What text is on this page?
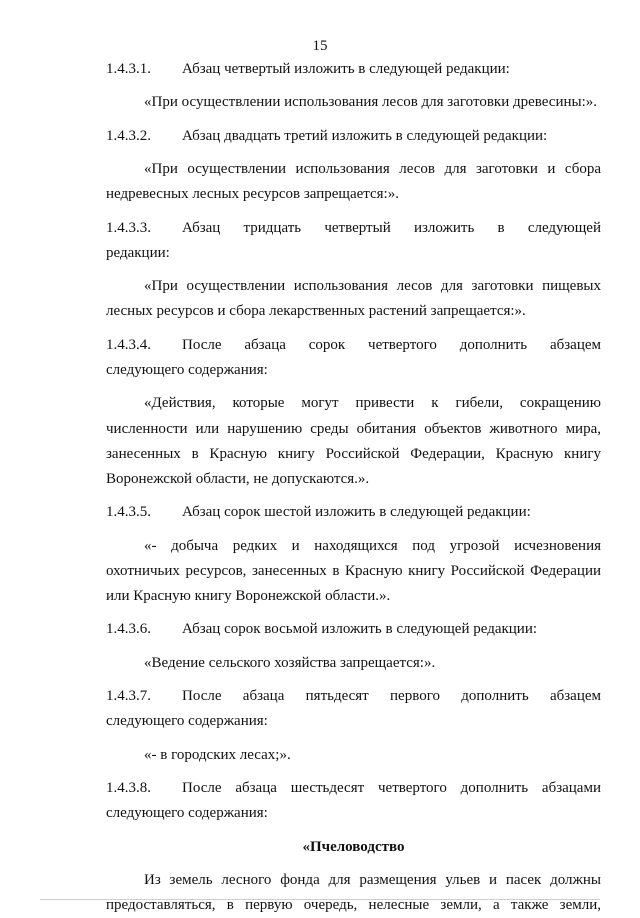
15
1.4.3.1.	Абзац четвертый изложить в следующей редакции:
«При осуществлении использования лесов для заготовки древесины:».
1.4.3.2.	Абзац двадцать третий изложить в следующей редакции:
«При осуществлении использования лесов для заготовки и сбора
недревесных лесных ресурсов запрещается:».
1.4.3.3.	Абзац тридцать четвертый изложить в следующей
редакции:
«При осуществлении использования лесов для заготовки пищевых
лесных ресурсов и сбора лекарственных растений запрещается:».
1.4.3.4.	После абзаца сорок четвертого дополнить абзацем
следующего содержания:
«Действия, которые могут привести к гибели, сокращению
численности или нарушению среды обитания объектов животного мира,
занесенных в Красную книгу Российской Федерации, Красную книгу
Воронежской области, не допускаются.».
1.4.3.5.	Абзац сорок шестой изложить в следующей редакции:
«- добыча редких и находящихся под угрозой исчезновения
охотничьих ресурсов, занесенных в Красную книгу Российской Федерации
или Красную книгу Воронежской области.».
1.4.3.6.	Абзац сорок восьмой изложить в следующей редакции:
«Ведение сельского хозяйства запрещается:».
1.4.3.7.	После абзаца пятьдесят первого дополнить абзацем
следующего содержания:
«- в городских лесах;».
1.4.3.8.	После абзаца шестьдесят четвертого дополнить абзацами
следующего содержания:
«Пчеловодство
Из земель лесного фонда для размещения ульев и пасек должны
предоставляться, в первую очередь, нелесные земли, а также земли,
